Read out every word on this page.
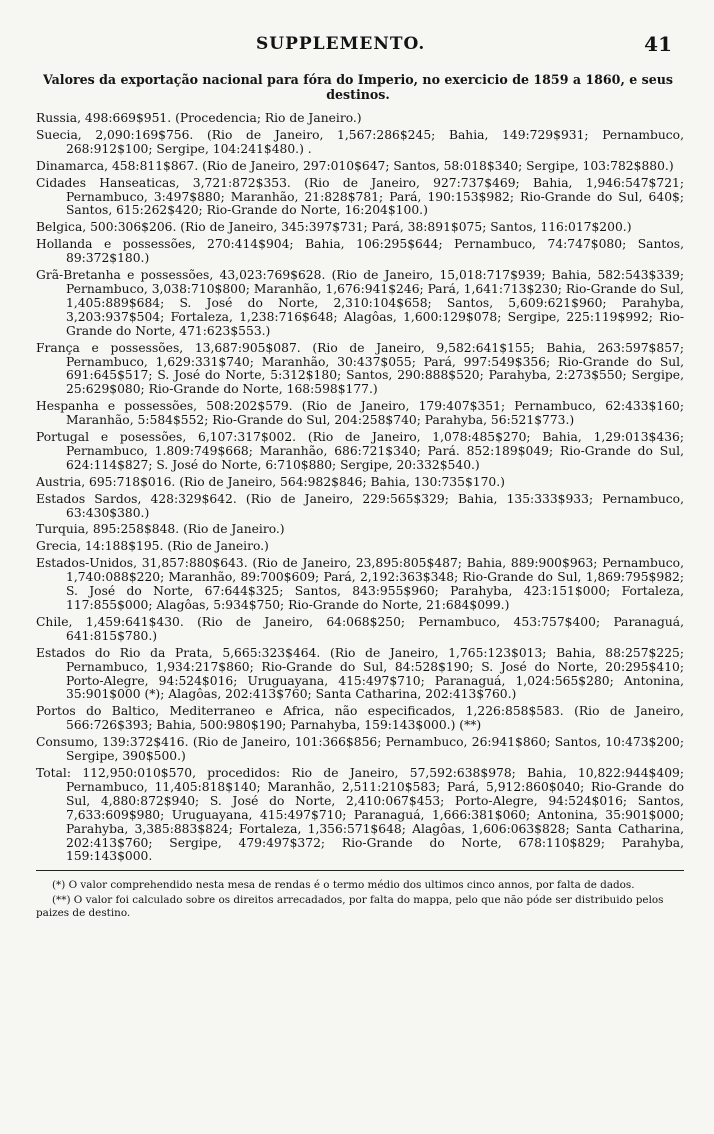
SUPPLEMENTO.	41
Valores da exportação nacional para fóra do Imperio, no exercicio de 1859 a 1860, e seus destinos.

Russia, 498:669$951. (Procedencia; Rio de Janeiro.)

Suecia, 2,090:169$756. (Rio de Janeiro, 1,567:286$245; Bahia, 149:729$931; Pernambuco, 268:912$100; Sergipe, 104:241$480.) .

Dinamarca, 458:811$867. (Rio de Janeiro, 297:010$647; Santos, 58:018$340; Sergipe, 103:782$880.)

Cidades Hanseaticas, 3,721:872$353. (Rio de Janeiro, 927:737$469; Bahia, 1,946:547$721; Pernambuco, 3:497$880; Maranhão, 21:828$781; Pará, 190:153$982; Rio-Grande do Sul, 640$; Santos, 615:262$420; Rio-Grande do Norte, 16:204$100.)

Belgica, 500:306$206. (Rio de Janeiro, 345:397$731; Pará, 38:891$075; Santos, 116:017$200.)

Hollanda e possessões, 270:414$904; Bahia, 106:295$644; Pernambuco, 74:747$080; Santos, 89:372$180.)

Grã-Bretanha e possessões, 43,023:769$628. (Rio de Janeiro, 15,018:717$939; Bahia, 582:543$339; Pernambuco, 3,038:710$800; Maranhão, 1,676:941$246; Pará, 1,641:713$230; Rio-Grande do Sul, 1,405:889$684; S. José do Norte, 2,310:104$658; Santos, 5,609:621$960; Parahyba, 3,203:937$504; Fortaleza, 1,238:716$648; Alagôas, 1,600:129$078; Sergipe, 225:119$992; Rio-Grande do Norte, 471:623$553.)

França e possessões, 13,687:905$087. (Rio de Janeiro, 9,582:641$155; Bahia, 263:597$857; Pernambuco, 1,629:331$740; Maranhão, 30:437$055; Pará, 997:549$356; Rio-Grande do Sul, 691:645$517; S. José do Norte, 5:312$180; Santos, 290:888$520; Parahyba, 2:273$550; Sergipe, 25:629$080; Rio-Grande do Norte, 168:598$177.)

Hespanha e possessões, 508:202$579. (Rio de Janeiro, 179:407$351; Pernambuco, 62:433$160; Maranhão, 5:584$552; Rio-Grande do Sul, 204:258$740; Parahyba, 56:521$773.)

Portugal e posessões, 6,107:317$002. (Rio de Janeiro, 1,078:485$270; Bahia, 1,29:013$436; Pernambuco, 1.809:749$668; Maranhão, 686:721$340; Pará. 852:189$049; Rio-Grande do Sul, 624:114$827; S. José do Norte, 6:710$880; Sergipe, 20:332$540.)

Austria, 695:718$016. (Rio de Janeiro, 564:982$846; Bahia, 130:735$170.)

Estados Sardos, 428:329$642. (Rio de Janeiro, 229:565$329; Bahia, 135:333$933; Pernambuco, 63:430$380.)

Turquia, 895:258$848. (Rio de Janeiro.)

Grecia, 14:188$195. (Rio de Janeiro.)

Estados-Unidos, 31,857:880$643. (Rio de Janeiro, 23,895:805$487; Bahia, 889:900$963; Pernambuco, 1,740:088$220; Maranhão, 89:700$609; Pará, 2,192:363$348; Rio-Grande do Sul, 1,869:795$982; S. José do Norte, 67:644$325; Santos, 843:955$960; Parahyba, 423:151$000; Fortaleza, 117:855$000; Alagôas, 5:934$750; Rio-Grande do Norte, 21:684$099.)

Chile, 1,459:641$430. (Rio de Janeiro, 64:068$250; Pernambuco, 453:757$400; Paranaguá, 641:815$780.)

Estados do Rio da Prata, 5,665:323$464. (Rio de Janeiro, 1,765:123$013; Bahia, 88:257$225; Pernambuco, 1,934:217$860; Rio-Grande do Sul, 84:528$190; S. José do Norte, 20:295$410; Porto-Alegre, 94:524$016; Uruguayana, 415:497$710; Paranaguá, 1,024:565$280; Antonina, 35:901$000 (*); Alagôas, 202:413$760; Santa Catharina, 202:413$760.)

Portos do Baltico, Mediterraneo e Africa, não especificados, 1,226:858$583. (Rio de Janeiro, 566:726$393; Bahia, 500:980$190; Parnahyba, 159:143$000.) (**)

Consumo, 139:372$416. (Rio de Janeiro, 101:366$856; Pernambuco, 26:941$860; Santos, 10:473$200; Sergipe, 390$500.)

Total: 112,950:010$570, procedidos: Rio de Janeiro, 57,592:638$978; Bahia, 10,822:944$409; Pernambuco, 11,405:818$140; Maranhão, 2,511:210$583; Pará, 5,912:860$040; Rio-Grande do Sul, 4,880:872$940; S. José do Norte, 2,410:067$453; Porto-Alegre, 94:524$016; Santos, 7,633:609$980; Uruguayana, 415:497$710; Paranaguá, 1,666:381$060; Antonina, 35:901$000; Parahyba, 3,385:883$824; Fortaleza, 1,356:571$648; Alagôas, 1,606:063$828; Santa Catharina, 202:413$760; Sergipe, 479:497$372; Rio-Grande do Norte, 678:110$829; Parahyba, 159:143$000.

(*) O valor comprehendido nesta mesa de rendas é o termo médio dos ultimos cinco annos, por falta de dados.

(**) O valor foi calculado sobre os direitos arrecadados, por falta do mappa, pelo que não póde ser distribuido pelos paizes de destino.
